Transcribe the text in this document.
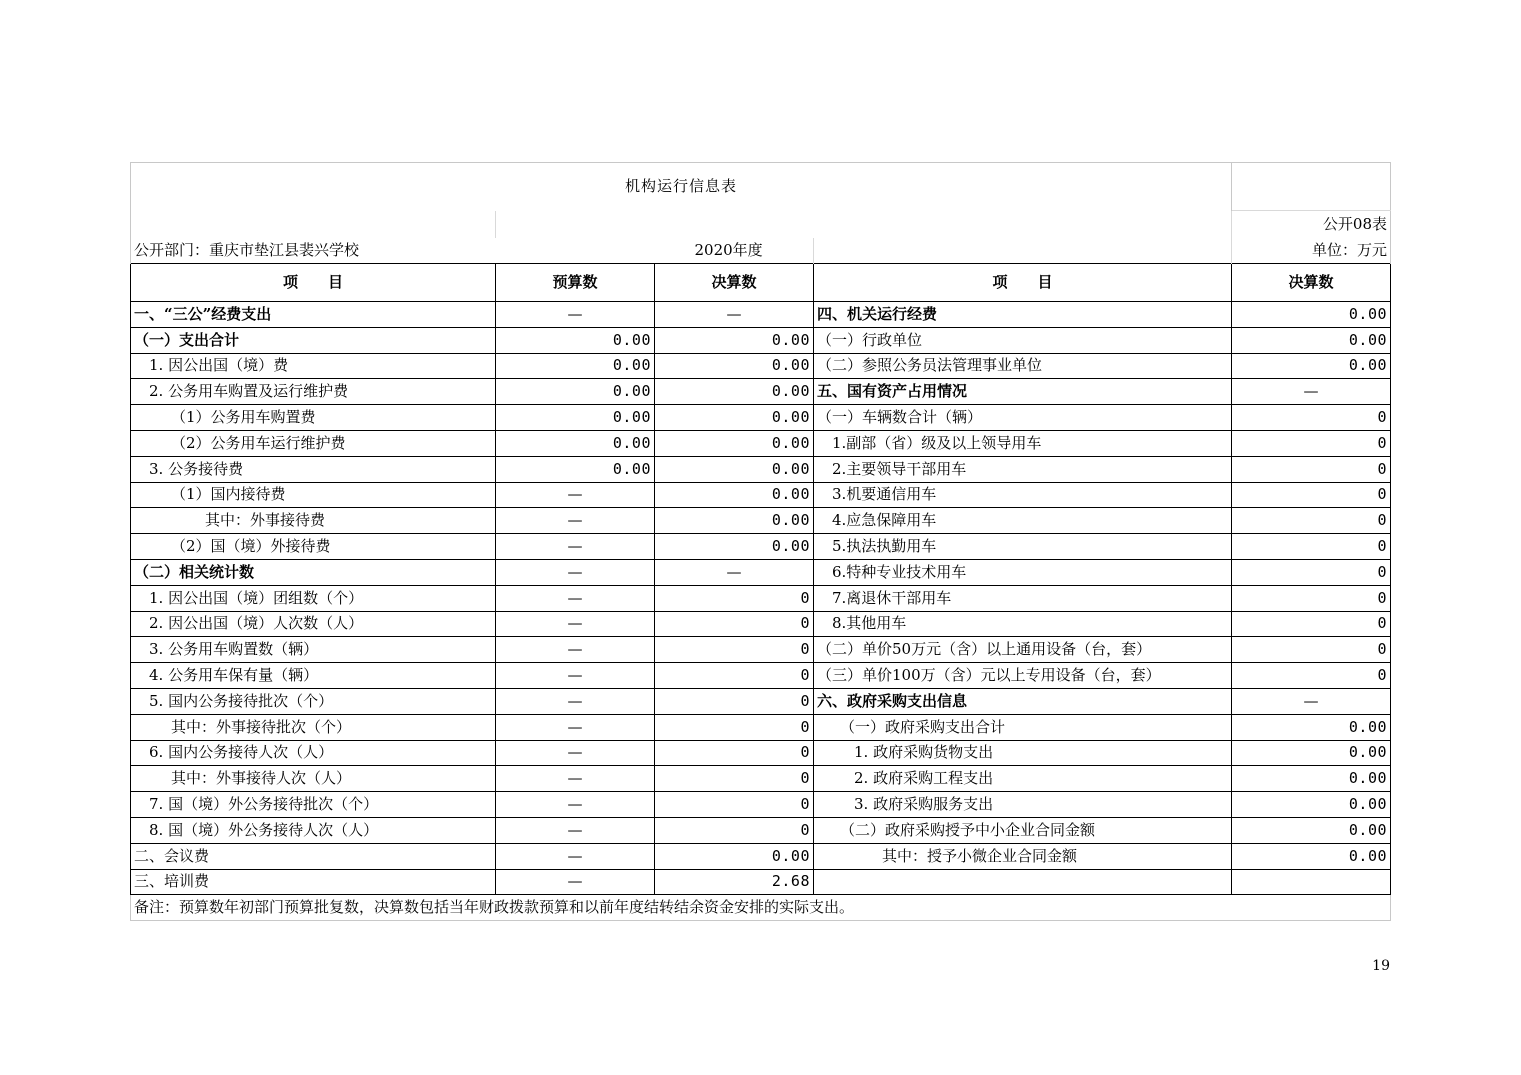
机构运行信息表				
				公开08表
公开部门：重庆市垫江县裴兴学校		2020年度		单位：万元
项　　目	预算数	决算数	项　　目	决算数
一、“三公”经费支出	—	—	四、机关运行经费	0.00
（一）支出合计	0.00	0.00	（一）行政单位	0.00
1. 因公出国（境）费	0.00	0.00	（二）参照公务员法管理事业单位	0.00
2. 公务用车购置及运行维护费	0.00	0.00	五、国有资产占用情况	—
（1）公务用车购置费	0.00	0.00	（一）车辆数合计（辆）	0
（2）公务用车运行维护费	0.00	0.00	1.副部（省）级及以上领导用车	0
3. 公务接待费	0.00	0.00	2.主要领导干部用车	0
（1）国内接待费	—	0.00	3.机要通信用车	0
其中：外事接待费	—	0.00	4.应急保障用车	0
（2）国（境）外接待费	—	0.00	5.执法执勤用车	0
（二）相关统计数	—	—	6.特种专业技术用车	0
1. 因公出国（境）团组数（个）	—	0	7.离退休干部用车	0
2. 因公出国（境）人次数（人）	—	0	8.其他用车	0
3. 公务用车购置数（辆）	—	0	（二）单价50万元（含）以上通用设备（台，套）	0
4. 公务用车保有量（辆）	—	0	（三）单价100万（含）元以上专用设备（台，套）	0
5. 国内公务接待批次（个）	—	0	六、政府采购支出信息	—
其中：外事接待批次（个）	—	0	（一）政府采购支出合计	0.00
6. 国内公务接待人次（人）	—	0	1. 政府采购货物支出	0.00
其中：外事接待人次（人）	—	0	2. 政府采购工程支出	0.00
7. 国（境）外公务接待批次（个）	—	0	3. 政府采购服务支出	0.00
8. 国（境）外公务接待人次（人）	—	0	（二）政府采购授予中小企业合同金额	0.00
二、会议费	—	0.00	其中：授予小微企业合同金额	0.00
三、培训费	—	2.68		
备注：预算数年初部门预算批复数，决算数包括当年财政拨款预算和以前年度结转结余资金安排的实际支出。				
19
